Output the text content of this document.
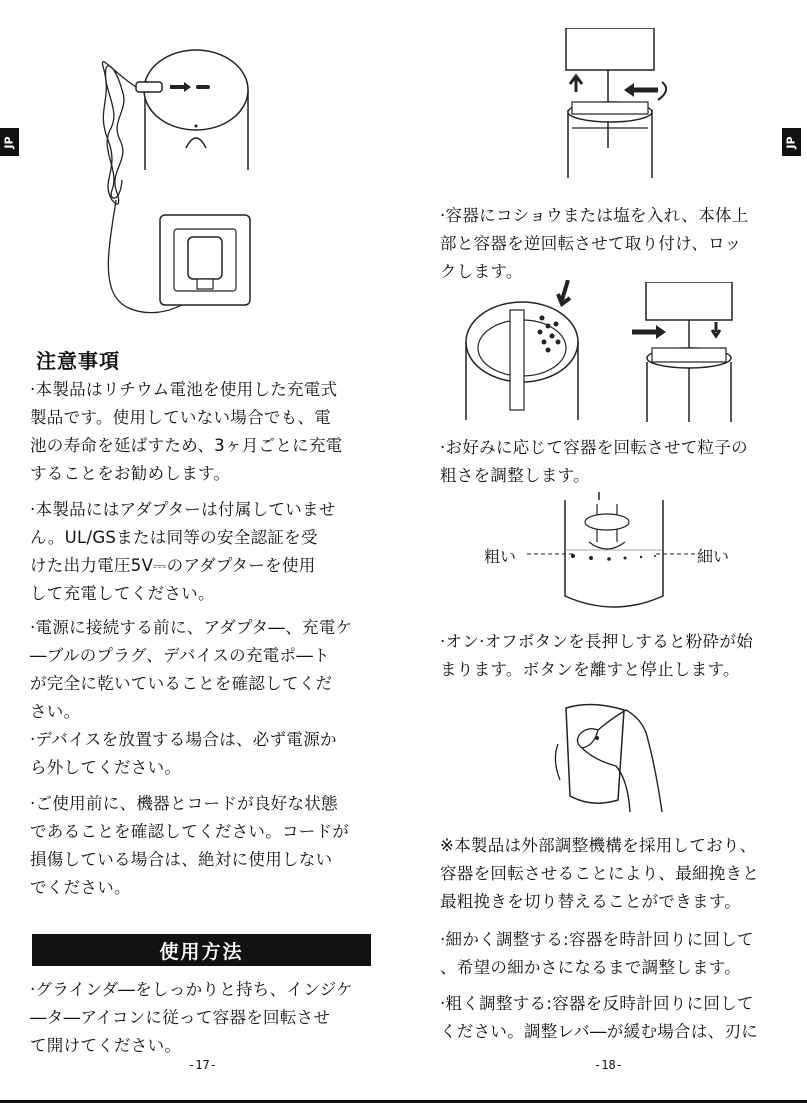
JP
注意事項

·本製品はリチウム電池を使用した充電式
製品です。使用していない場合でも、電
池の寿命を延ばすため、3ヶ月ごとに充電
することをお勧めします。

·本製品にはアダプターは付属していませ
ん。UL/GSまたは同等の安全認証を受
けた出力電圧5V⎓のアダプターを使用
して充電してください。

·電源に接続する前に、アダプタ―、充電ケ
―ブルのプラグ、デバイスの充電ポ―ト
が完全に乾いていることを確認してくだ
さい。

·デバイスを放置する場合は、必ず電源か
ら外してください。

·ご使用前に、機器とコードが良好な状態
であることを確認してください。コードが
損傷している場合は、絶対に使用しない
でください。

使用方法

·グラインダ―をしっかりと持ち、インジケ
―タ―アイコンに従って容器を回転させ
て開けてください。

-17-
JP

·容器にコショウまたは塩を入れ、本体上
部と容器を逆回転させて取り付け、ロッ
クします。

·お好みに応じて容器を回転させて粒子の
粗さを調整します。

粗い	細い

·オン·オフボタンを長押しすると粉砕が始
まります。ボタンを離すと停止します。

※本製品は外部調整機構を採用しており、
容器を回転させることにより、最細挽きと
最粗挽きを切り替えることができます。

·細かく調整する:容器を時計回りに回して
、希望の細かさになるまで調整します。

·粗く調整する:容器を反時計回りに回して
ください。調整レバ―が緩む場合は、刃に

-18-
